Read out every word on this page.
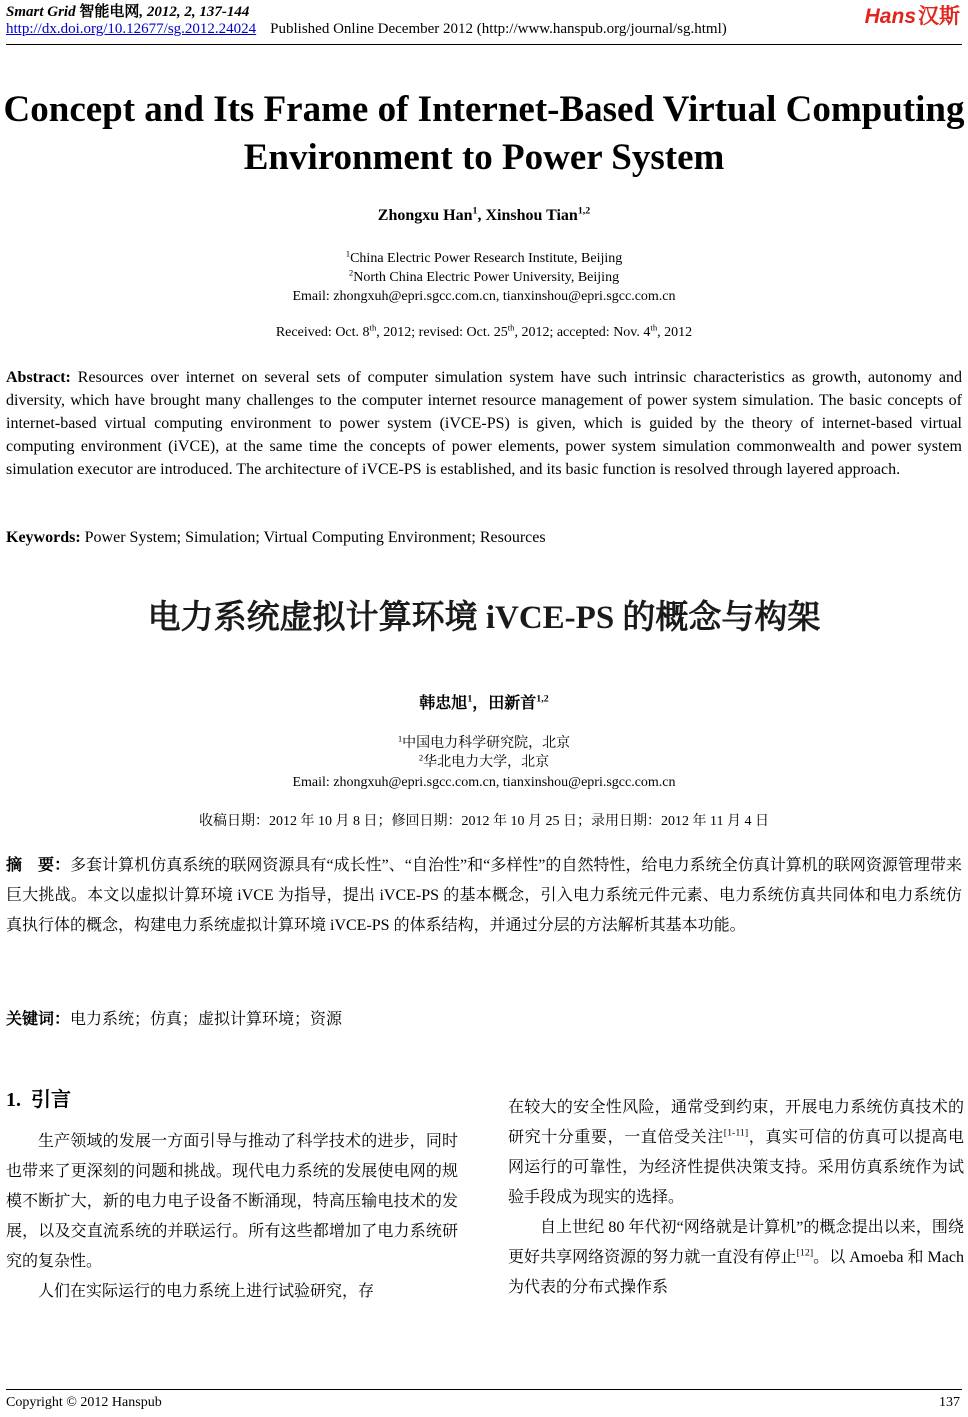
Smart Grid 智能电网, 2012, 2, 137-144
http://dx.doi.org/10.12677/sg.2012.24024 Published Online December 2012 (http://www.hanspub.org/journal/sg.html)
Hans汉斯
Concept and Its Frame of Internet-Based Virtual Computing
Environment to Power System
Zhongxu Han$^1$, Xinshou Tian$^{1,2}$
$^1$China Electric Power Research Institute, Beijing
$^2$North China Electric Power University, Beijing
Email: zhongxuh@epri.sgcc.com.cn, tianxinshou@epri.sgcc.com.cn
Received: Oct. 8th, 2012; revised: Oct. 25th, 2012; accepted: Nov. 4th, 2012
Abstract: Resources over internet on several sets of computer simulation system have such intrinsic characteristics as growth, autonomy and diversity, which have brought many challenges to the computer internet resource management of power system simulation. The basic concepts of internet-based virtual computing environment to power system (iVCE-PS) is given, which is guided by the theory of internet-based virtual computing environment (iVCE), at the same time the concepts of power elements, power system simulation commonwealth and power system simulation executor are introduced. The architecture of iVCE-PS is established, and its basic function is resolved through layered approach.
Keywords: Power System; Simulation; Virtual Computing Environment; Resources
电力系统虚拟计算环境 iVCE-PS 的概念与构架
韩忠旭$^1$，田新首$^{1,2}$
$^1$中国电力科学研究院，北京
$^2$华北电力大学，北京
Email: zhongxuh@epri.sgcc.com.cn, tianxinshou@epri.sgcc.com.cn
收稿日期：2012 年 10 月 8 日；修回日期：2012 年 10 月 25 日；录用日期：2012 年 11 月 4 日
摘　要：多套计算机仿真系统的联网资源具有“成长性”、“自治性”和“多样性”的自然特性，给电力系统全仿真计算机的联网资源管理带来巨大挑战。本文以虚拟计算环境 iVCE 为指导，提出 iVCE-PS 的基本概念，引入电力系统元件元素、电力系统仿真共同体和电力系统仿真执行体的概念，构建电力系统虚拟计算环境 iVCE-PS 的体系结构，并通过分层的方法解析其基本功能。
关键词：电力系统；仿真；虚拟计算环境；资源
1. 引言

生产领域的发展一方面引导与推动了科学技术的进步，同时也带来了更深刻的问题和挑战。现代电力系统的发展使电网的规模不断扩大，新的电力电子设备不断涌现，特高压输电技术的发展，以及交直流系统的并联运行。所有这些都增加了电力系统研究的复杂性。

人们在实际运行的电力系统上进行试验研究，存

在较大的安全性风险，通常受到约束，开展电力系统仿真技术的研究十分重要，一直倍受关注[1-11]，真实可信的仿真可以提高电网运行的可靠性，为经济性提供决策支持。采用仿真系统作为试验手段成为现实的选择。

自上世纪 80 年代初“网络就是计算机”的概念提出以来，围绕更好共享网络资源的努力就一直没有停止[12]。以 Amoeba 和 Mach 为代表的分布式操作系

Copyright © 2012 Hanspub	137
